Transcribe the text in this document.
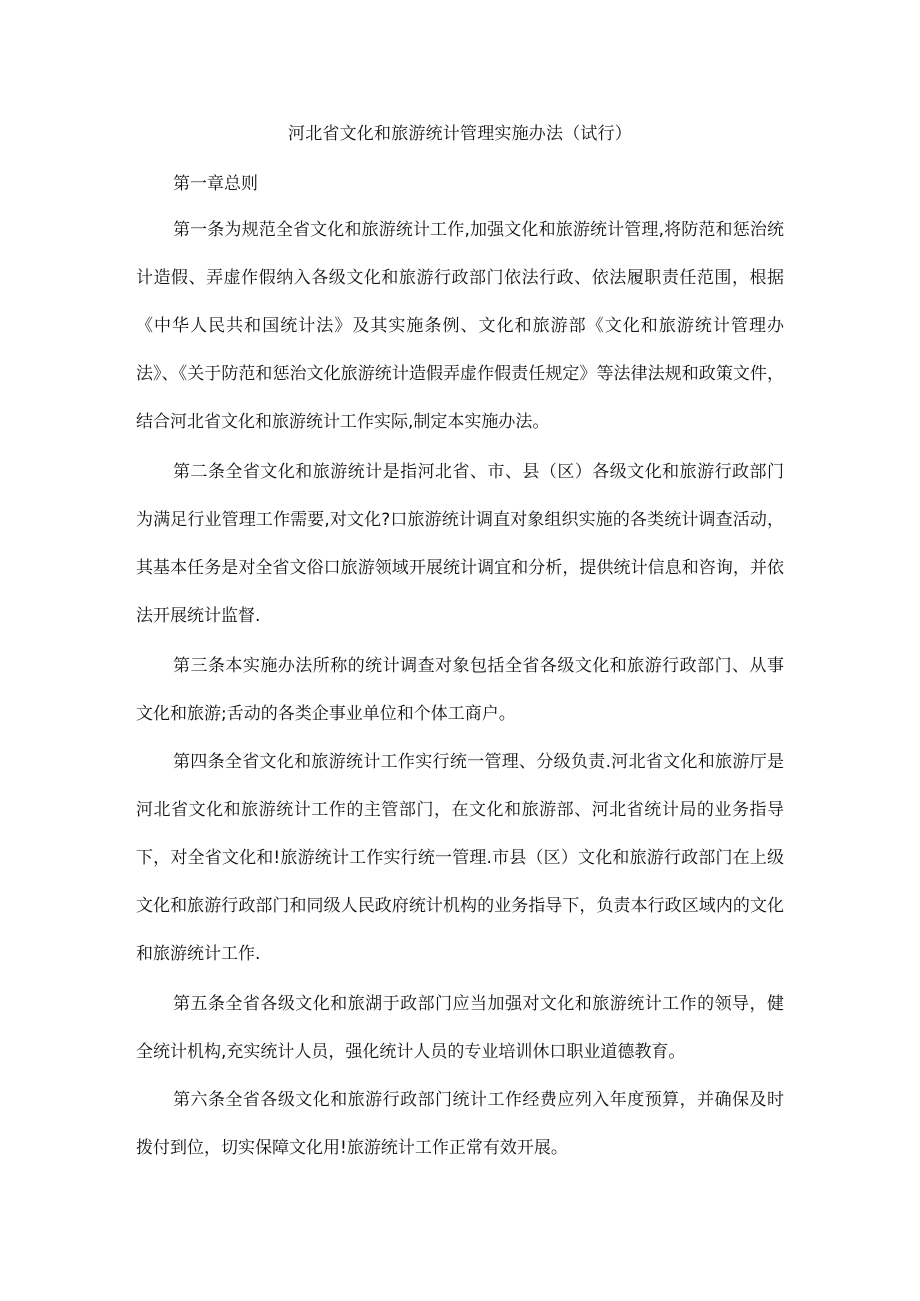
河北省文化和旅游统计管理实施办法（试行）
第一章总则

第一条为规范全省文化和旅游统计工作,加强文化和旅游统计管理,将防范和惩治统计造假、弄虚作假纳入各级文化和旅游行政部门依法行政、依法履职责任范围，根据《中华人民共和国统计法》及其实施条例、文化和旅游部《文化和旅游统计管理办法》、《关于防范和惩治文化旅游统计造假弄虚作假责任规定》等法律法规和政策文件，结合河北省文化和旅游统计工作实际,制定本实施办法。

第二条全省文化和旅游统计是指河北省、市、县（区）各级文化和旅游行政部门为满足行业管理工作需要,对文化?口旅游统计调直对象组织实施的各类统计调查活动，其基本任务是对全省文俗口旅游领域开展统计调宜和分析，提供统计信息和咨询，并依法开展统计监督.

第三条本实施办法所称的统计调查对象包括全省各级文化和旅游行政部门、从事文化和旅游;舌动的各类企事业单位和个体工商户。

第四条全省文化和旅游统计工作实行统一管理、分级负责.河北省文化和旅游厅是河北省文化和旅游统计工作的主管部门，在文化和旅游部、河北省统计局的业务指导下，对全省文化和!旅游统计工作实行统一管理.市县（区）文化和旅游行政部门在上级文化和旅游行政部门和同级人民政府统计机构的业务指导下，负责本行政区域内的文化和旅游统计工作.

第五条全省各级文化和旅湖于政部门应当加强对文化和旅游统计工作的领导，健全统计机构,充实统计人员，强化统计人员的专业培训休口职业道德教育。

第六条全省各级文化和旅游行政部门统计工作经费应列入年度预算，并确保及时拨付到位，切实保障文化用!旅游统计工作正常有效开展。
